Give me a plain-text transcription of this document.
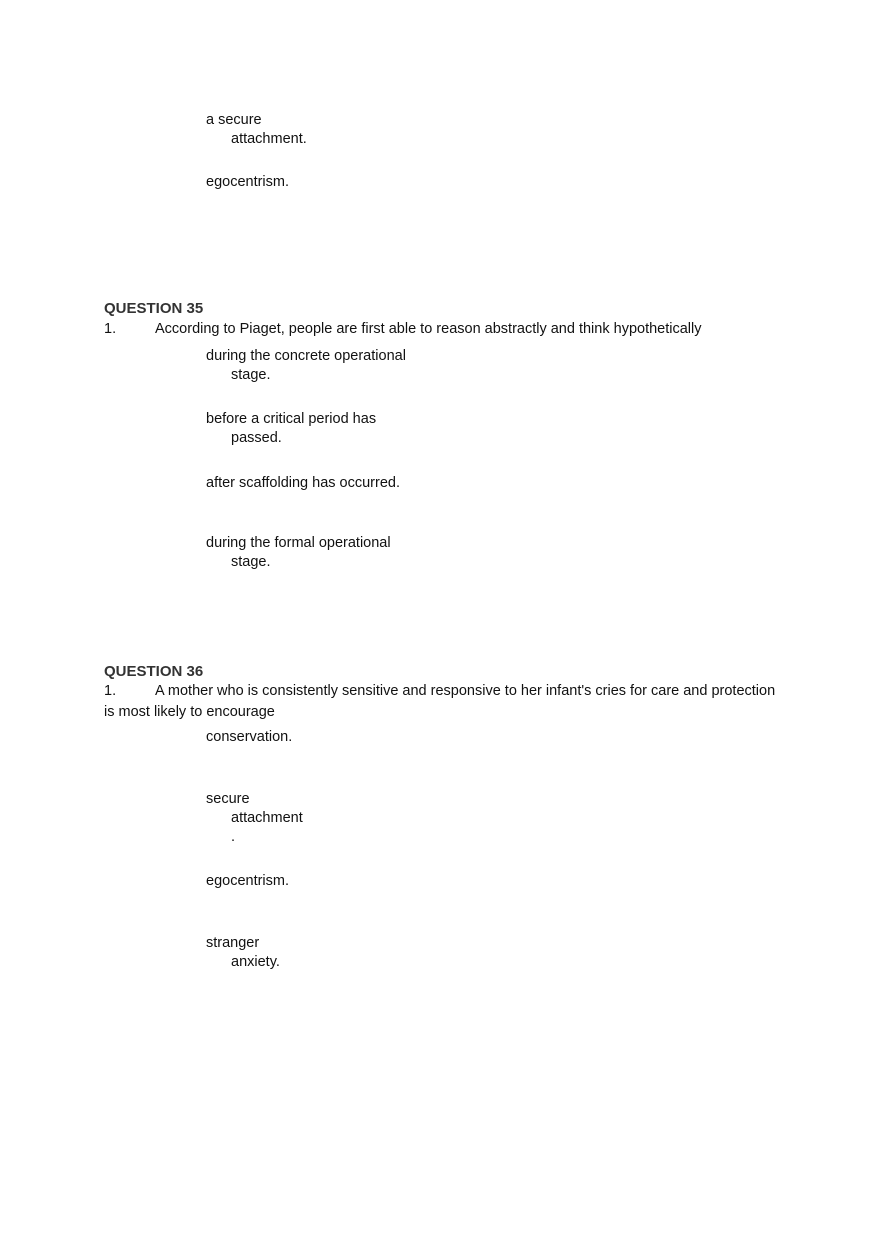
a secure
attachment.
egocentrism.
QUESTION 35
1.	According to Piaget, people are first able to reason abstractly and think hypothetically
during the concrete operational
stage.
before a critical period has
passed.
after scaffolding has occurred.
during the formal operational
stage.
QUESTION 36
1.	A mother who is consistently sensitive and responsive to her infant's cries for care and protection
is most likely to encourage
conservation.
secure
attachment
.
egocentrism.
stranger
anxiety.
